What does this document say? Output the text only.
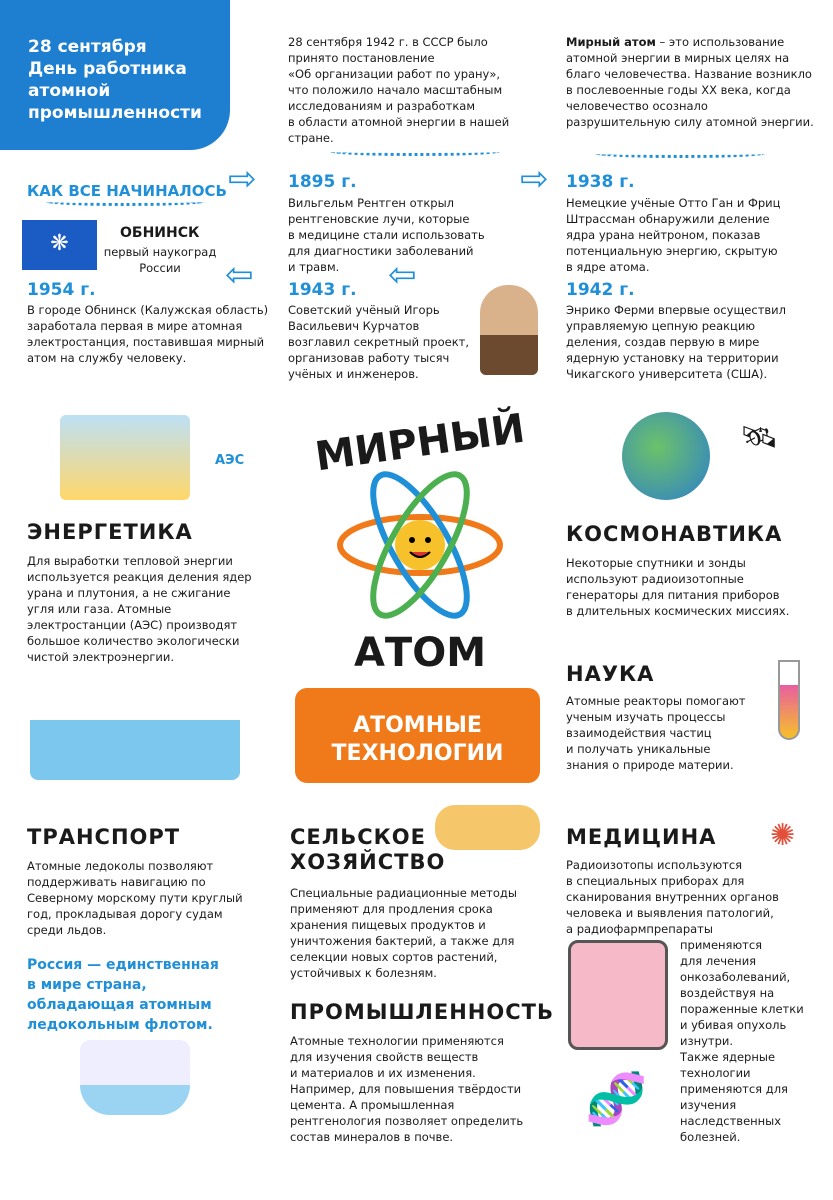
28 сентября
День работника
атомной
промышленности
28 сентября 1942 г. в СССР было
принято постановление
«Об организации работ по урану»,
что положило начало масштабным
исследованиям и разработкам
в области атомной энергии в нашей
стране.
Мирный атом – это использование атомной энергии в мирных целях на благо человечества. Название возникло в послевоенные годы XX века, когда человечество осознало разрушительную силу атомной энергии.
КАК ВСЕ НАЧИНАЛОСЬ ⇨
❋	ОБНИНСК
первый наукоград
России	⇦
1954 г.
В городе Обнинск (Калужская область) заработала первая в мире атомная электростанция, поставившая мирный атом на службу человеку.
1895 г.
Вильгельм Рентген открыл
рентгеновские лучи, которые
в медицине стали использовать
для диагностики заболеваний
и травм.	⇦
1943 г.
Советский учёный Игорь Васильевич Курчатов возглавил секретный проект, организовав работу тысяч учёных и инженеров.
⇨ 1938 г.
Немецкие учёные Отто Ган и Фриц
Штрассман обнаружили деление
ядра урана нейтроном, показав
потенциальную энергию, скрытую
в ядре атома.
1942 г.
Энрико Ферми впервые осуществил
управляемую цепную реакцию
деления, создав первую в мире
ядерную установку на территории
Чикагского университета (США).
МИРНЫЙ
АТОМ
АТОМНЫЕ
ТЕХНОЛОГИИ
АЭС
ЭНЕРГЕТИКА
Для выработки тепловой энергии
используется реакция деления ядер
урана и плутония, а не сжигание
угля или газа. Атомные
электростанции (АЭС) производят
большое количество экологически
чистой электроэнергии.
🛰
КОСМОНАВТИКА
Некоторые спутники и зонды
используют радиоизотопные
генераторы для питания приборов
в длительных космических миссиях.
НАУКА
Атомные реакторы помогают
ученым изучать процессы
взаимодействия частиц
и получать уникальные
знания о природе материи.
ТРАНСПОРТ
Атомные ледоколы позволяют
поддерживать навигацию по
Северному морскому пути круглый
год, прокладывая дорогу судам
среди льдов.
Россия — единственная
в мире страна,
обладающая атомным
ледокольным флотом.
СЕЛЬСКОЕ
ХОЗЯЙСТВО
Специальные радиационные методы
применяют для продления срока
хранения пищевых продуктов и
уничтожения бактерий, а также для
селекции новых сортов растений,
устойчивых к болезням.
ПРОМЫШЛЕННОСТЬ
Атомные технологии применяются
для изучения свойств веществ
и материалов и их изменения.
Например, для повышения твёрдости
цемента. А промышленная
рентгенология позволяет определить
состав минералов в почве.
МЕДИЦИНА ✺
Радиоизотопы используются
в специальных приборах для
сканирования внутренних органов
человека и выявления патологий,
а радиофармпрепараты
применяются
для лечения
онкозаболеваний,
воздействуя на
пораженные клетки
и убивая опухоль
изнутри.
Также ядерные
технологии
применяются для
изучения
наследственных
болезней.
🧬
